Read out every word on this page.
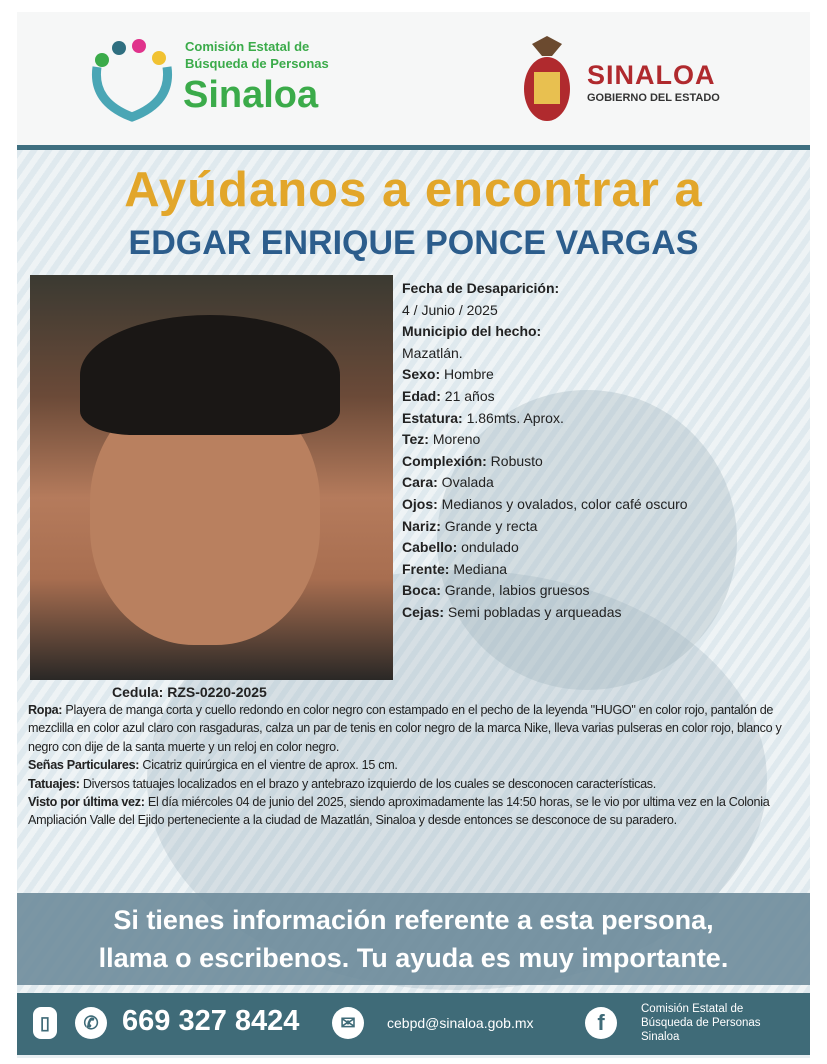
Comisión Estatal de
Búsqueda de Personas
Sinaloa	SINALOA
GOBIERNO DEL ESTADO
Ayúdanos a encontrar a
EDGAR ENRIQUE PONCE VARGAS
Fecha de Desaparición:
4 / Junio / 2025
Municipio del hecho:
Mazatlán.
Sexo: Hombre
Edad: 21 años
Estatura: 1.86mts. Aprox.
Tez: Moreno
Complexión: Robusto
Cara: Ovalada
Ojos: Medianos y ovalados, color café oscuro
Nariz: Grande y recta
Cabello: ondulado
Frente: Mediana
Boca: Grande, labios gruesos
Cejas: Semi pobladas y arqueadas
Cedula: RZS-0220-2025

Ropa: Playera de manga corta y cuello redondo en color negro con estampado en el pecho de la leyenda "HUGO" en color rojo, pantalón de mezclilla en color azul claro con rasgaduras, calza un par de tenis en color negro de la marca Nike, lleva varias pulseras en color rojo, blanco y negro con dije de la santa muerte y un reloj en color negro.

Señas Particulares: Cicatriz quirúrgica en el vientre de aprox. 15 cm.

Tatuajes: Diversos tatuajes localizados en el brazo y antebrazo izquierdo de los cuales se desconocen características.

Visto por última vez: El día miércoles 04 de junio del 2025, siendo aproximadamente las 14:50 horas, se le vio por ultima vez en la Colonia Ampliación Valle del Ejido perteneciente a la ciudad de Mazatlán, Sinaloa y desde entonces se desconoce de su paradero.

Si tienes información referente a esta persona,
llama o escribenos. Tu ayuda es muy importante.
▯	✆ 669 327 8424	✉	cebpd@sinaloa.gob.mx	f
Comisión Estatal de
Búsqueda de Personas
Sinaloa
